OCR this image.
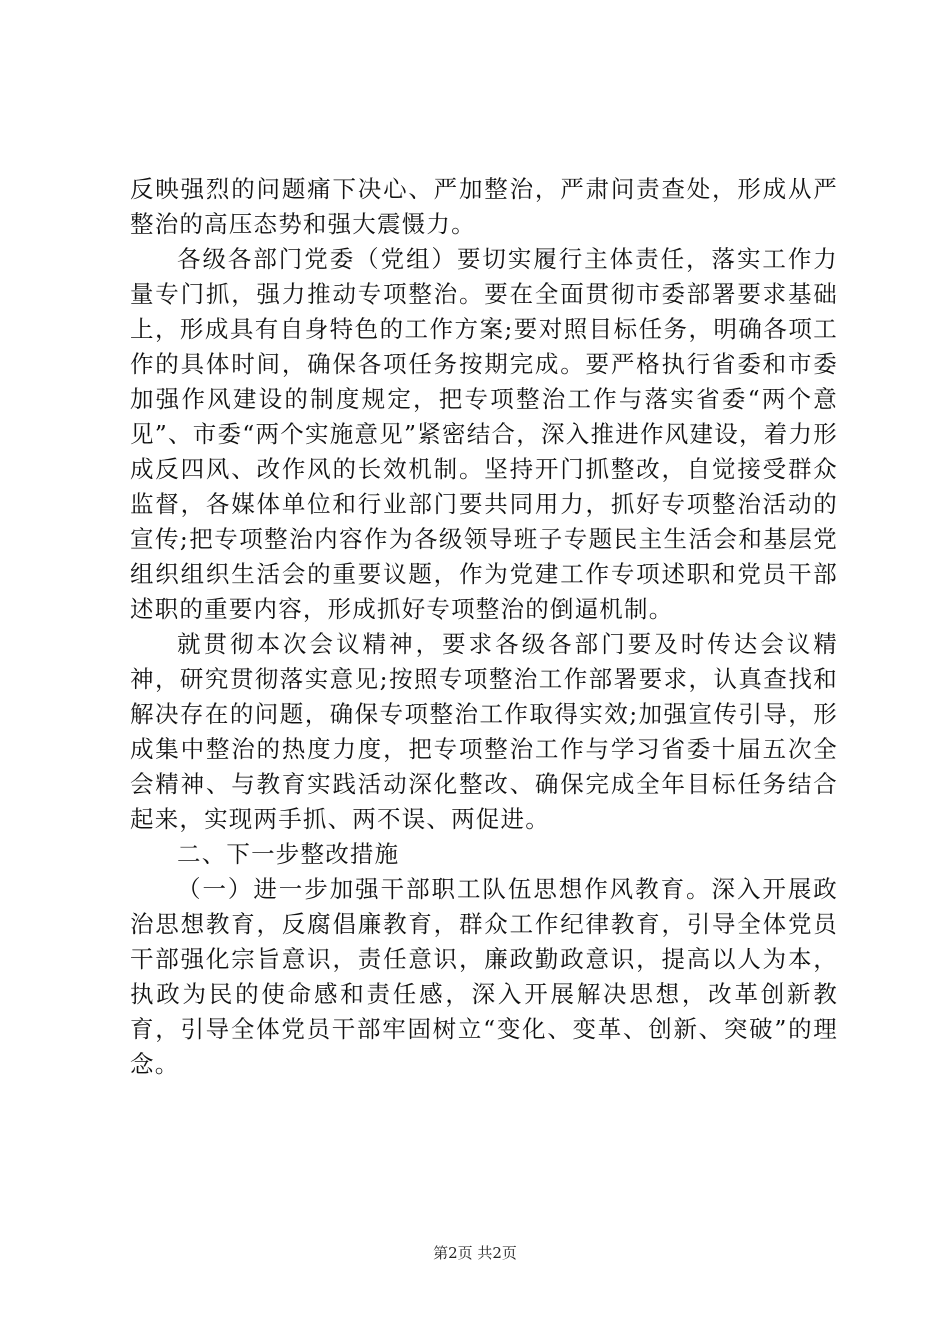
反映强烈的问题痛下决心、严加整治，严肃问责查处，形成从严整治的高压态势和强大震慑力。

各级各部门党委（党组）要切实履行主体责任，落实工作力量专门抓，强力推动专项整治。要在全面贯彻市委部署要求基础上，形成具有自身特色的工作方案;要对照目标任务，明确各项工作的具体时间，确保各项任务按期完成。要严格执行省委和市委加强作风建设的制度规定，把专项整治工作与落实省委“两个意见”、市委“两个实施意见”紧密结合，深入推进作风建设，着力形成反四风、改作风的长效机制。坚持开门抓整改，自觉接受群众监督，各媒体单位和行业部门要共同用力，抓好专项整治活动的宣传;把专项整治内容作为各级领导班子专题民主生活会和基层党组织组织生活会的重要议题，作为党建工作专项述职和党员干部述职的重要内容，形成抓好专项整治的倒逼机制。

就贯彻本次会议精神，要求各级各部门要及时传达会议精神，研究贯彻落实意见;按照专项整治工作部署要求，认真查找和解决存在的问题，确保专项整治工作取得实效;加强宣传引导，形成集中整治的热度力度，把专项整治工作与学习省委十届五次全会精神、与教育实践活动深化整改、确保完成全年目标任务结合起来，实现两手抓、两不误、两促进。

二、下一步整改措施

（一）进一步加强干部职工队伍思想作风教育。深入开展政治思想教育，反腐倡廉教育，群众工作纪律教育，引导全体党员干部强化宗旨意识，责任意识，廉政勤政意识，提高以人为本，执政为民的使命感和责任感，深入开展解决思想，改革创新教育，引导全体党员干部牢固树立“变化、变革、创新、突破”的理念。

第2页 共2页
